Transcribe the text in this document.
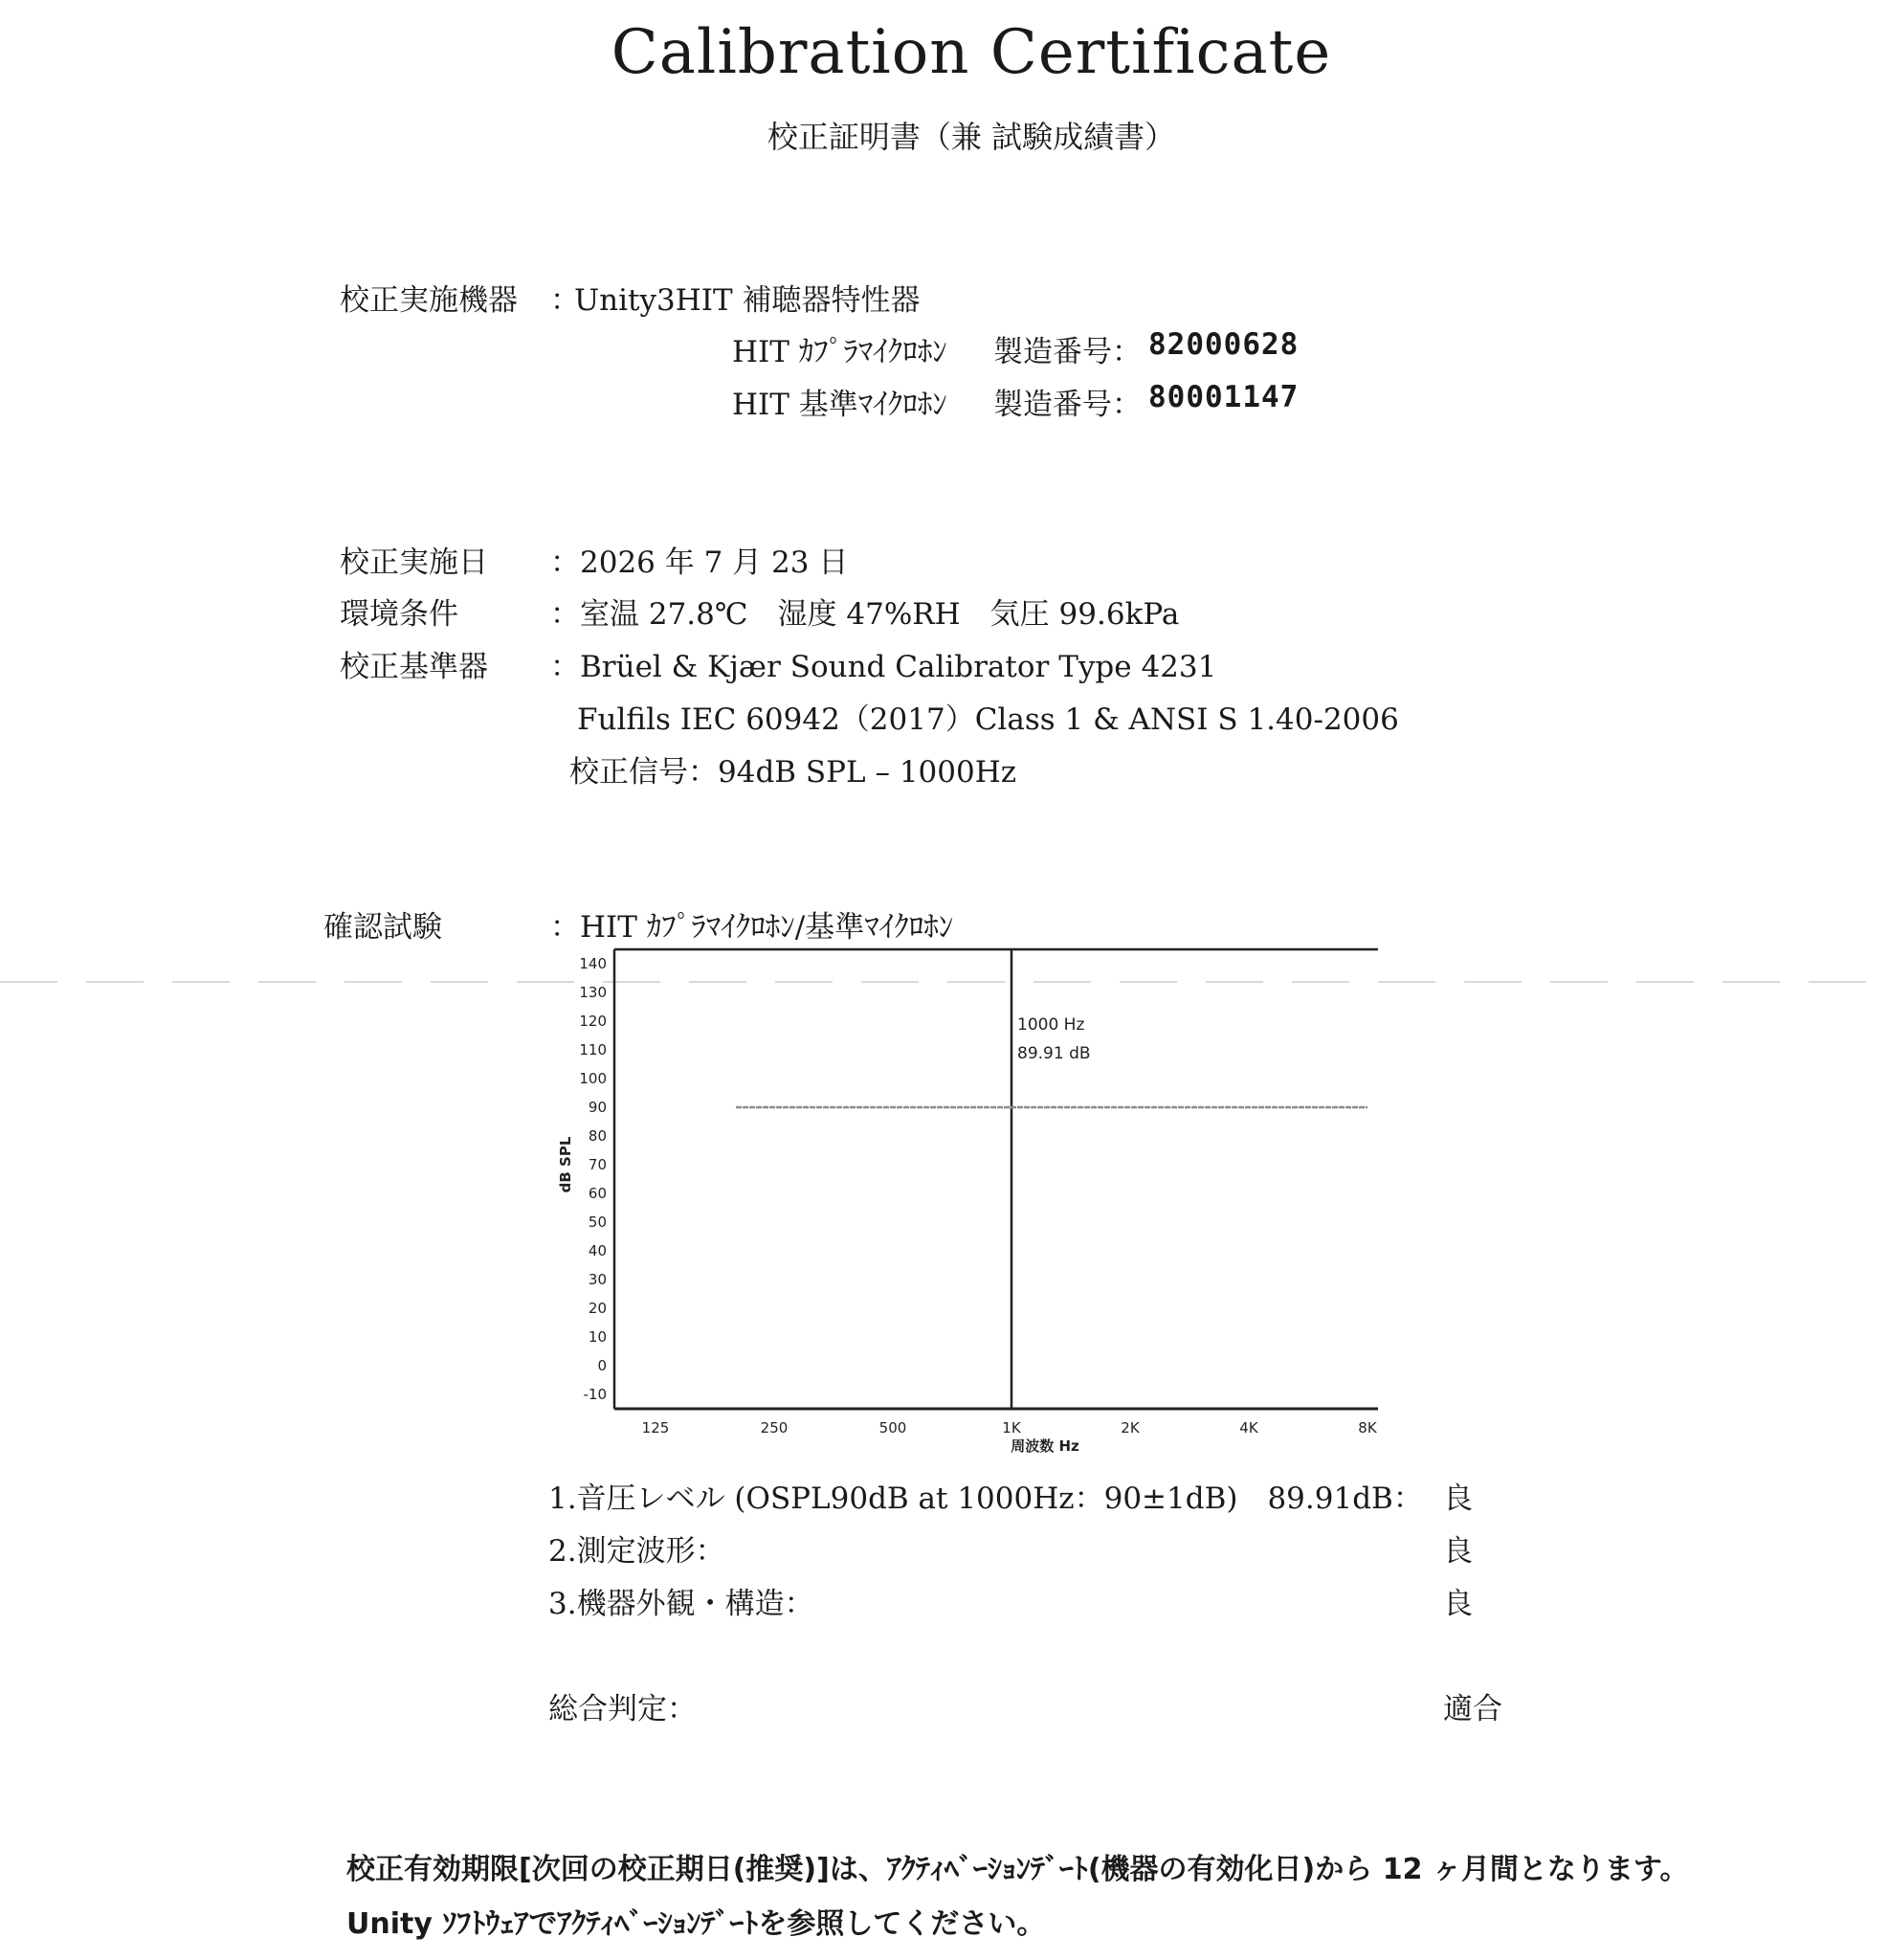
Calibration Certificate
校正証明書（兼 試験成績書）
校正実施機器 ：
Unity3HIT 補聴器特性器
HIT ｶﾌﾟﾗﾏｲｸﾛﾎﾝ 製造番号： 82000628
HIT 基準ﾏｲｸﾛﾎﾝ 製造番号： 80001147
校正実施日 ：2026 年 7 月 23 日
環境条件	：室温 27.8℃　湿度 47%RH　気圧 99.6kPa
校正基準器 ：Brüel & Kjær Sound Calibrator Type 4231
Fulfils IEC 60942（2017）Class 1 & ANSI S 1.40-2006
校正信号：94dB SPL – 1000Hz
確認試験	：HIT ｶﾌﾟﾗﾏｲｸﾛﾎﾝ/基準ﾏｲｸﾛﾎﾝ
140
130
120
110
100
90
80
70
60
50
40
30
20
10
0
-10
125	250	500	1K	2K	4K	8K
dB SPL
周波数 Hz
1000 Hz
89.91 dB
1.音圧レベル (OSPL90dB at 1000Hz：90±1dB)　89.91dB： 良
2.測定波形：	良
3.機器外観・構造：	良
総合判定：	適合
校正有効期限[次回の校正期日(推奨)]は、ｱｸﾃｨﾍﾞｰｼｮﾝﾃﾞｰﾄ(機器の有効化日)から 12 ヶ月間となります。
Unity ｿﾌﾄｳｪｱでｱｸﾃｨﾍﾞｰｼｮﾝﾃﾞｰﾄを参照してください。
